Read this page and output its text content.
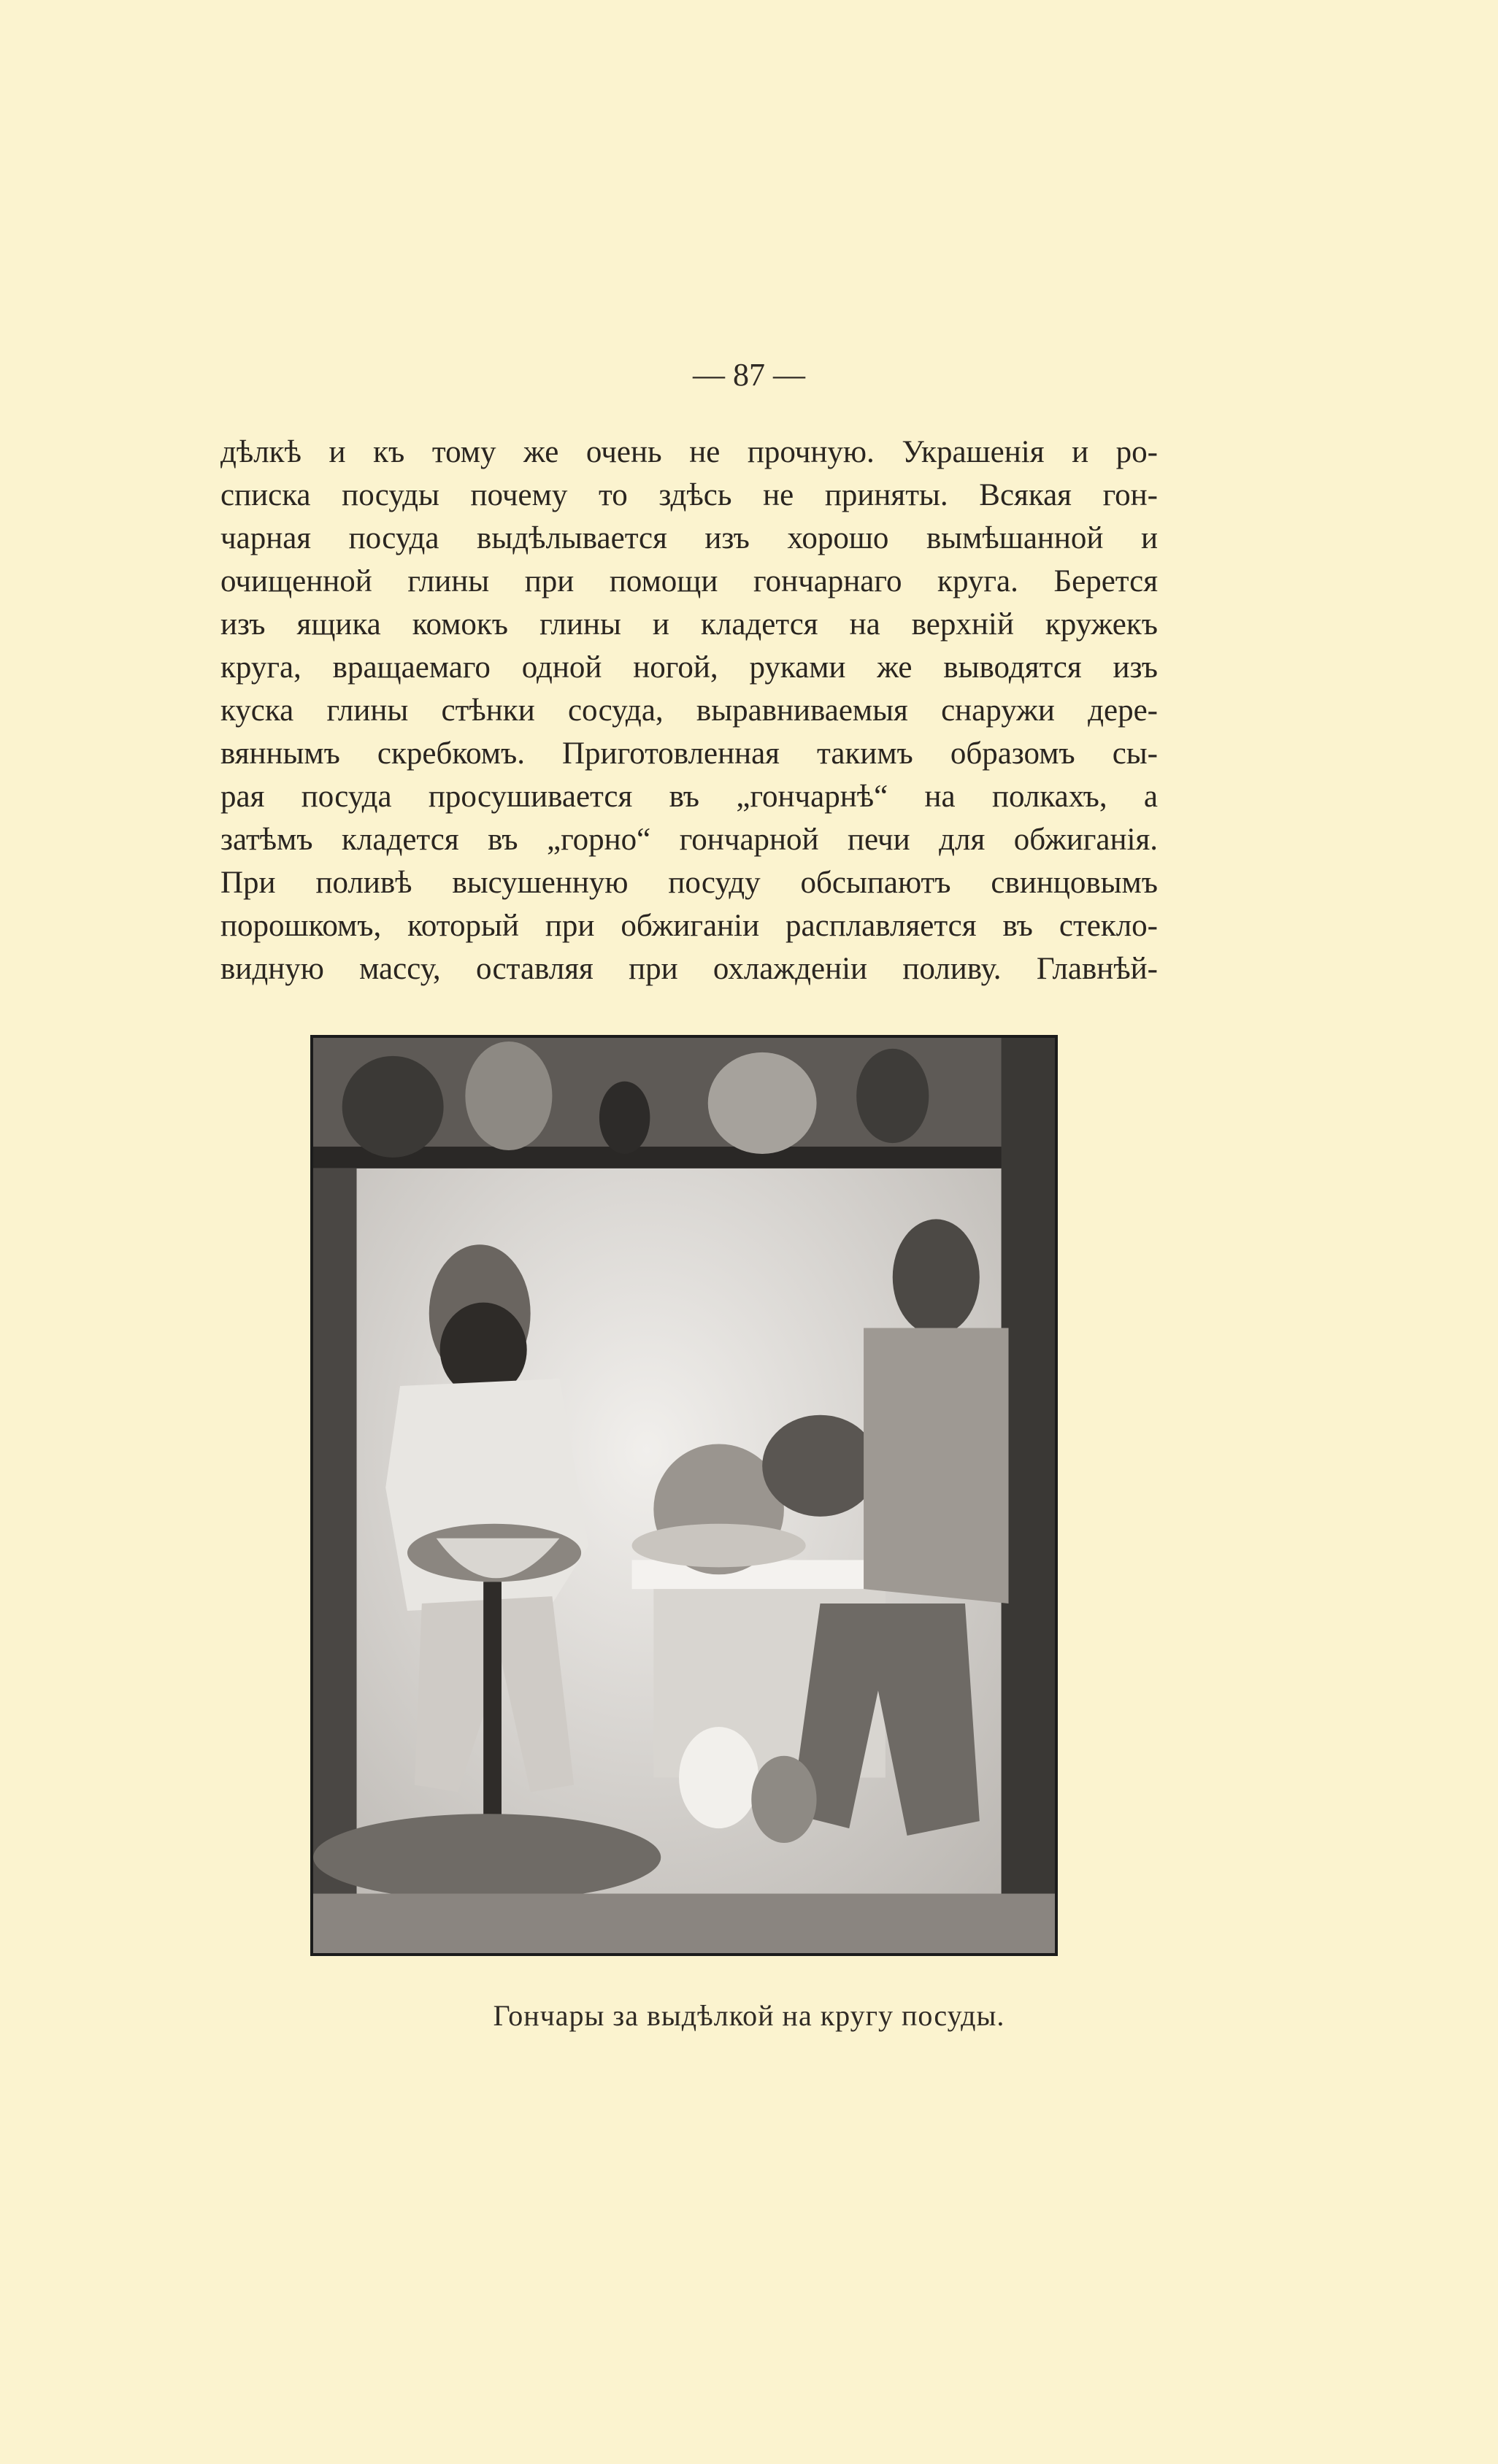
— 87 —
дѣлкѣ и къ тому же очень не прочную. Украшенія и ро-
списка посуды почему то здѣсь не приняты. Всякая гон-
чарная посуда выдѣлывается изъ хорошо вымѣшанной и
очищенной глины при помощи гончарнаго круга. Берется
изъ ящика комокъ глины и кладется на верхній кружекъ
круга, вращаемаго одной ногой, руками же выводятся изъ
куска глины стѣнки сосуда, выравниваемыя снаружи дере-
вяннымъ скребкомъ. Приготовленная такимъ образомъ сы-
рая посуда просушивается въ „гончарнѣ“ на полкахъ, а
затѣмъ кладется въ „горно“ гончарной печи для обжиганія.
При поливѣ высушенную посуду обсыпаютъ свинцовымъ
порошкомъ, который при обжиганіи расплавляется въ стекло-
видную массу, оставляя при охлажденіи поливу. Главнѣй-
Гончары за выдѣлкой на кругу посуды.
